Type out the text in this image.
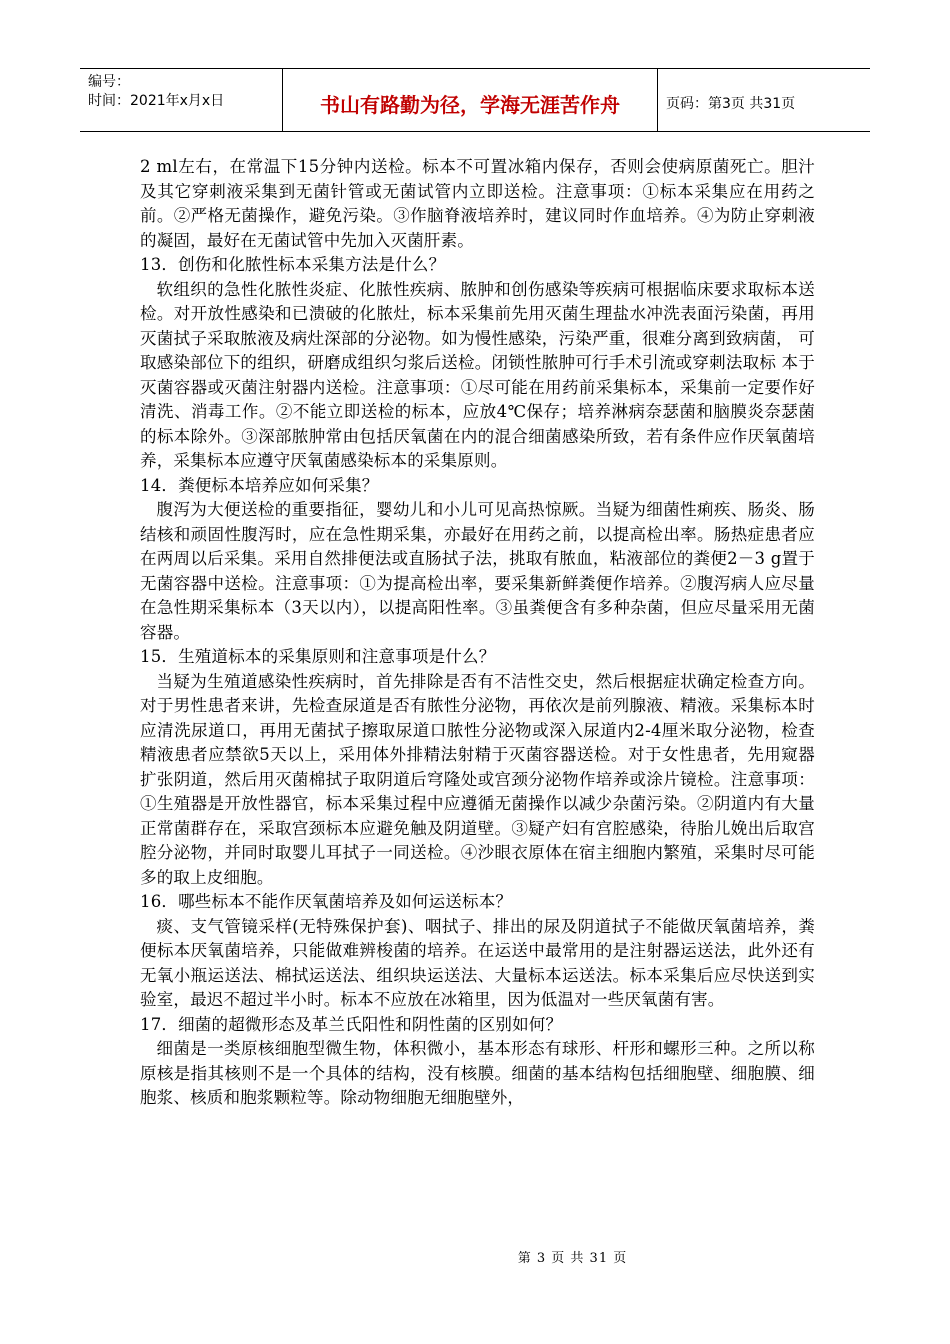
编号：
时间：2021年x月x日	书山有路勤为径，学海无涯苦作舟	页码：第3页 共31页

2 ml左右，在常温下15分钟内送检。标本不可置冰箱内保存，否则会使病原菌死亡。胆汁及其它穿刺液采集到无菌针管或无菌试管内立即送检。注意事项：①标本采集应在用药之前。②严格无菌操作，避免污染。③作脑脊液培养时，建议同时作血培养。④为防止穿刺液的凝固，最好在无菌试管中先加入灭菌肝素。

13．创伤和化脓性标本采集方法是什么？

软组织的急性化脓性炎症、化脓性疾病、脓肿和创伤感染等疾病可根据临床要求取标本送检。对开放性感染和已溃破的化脓灶，标本采集前先用灭菌生理盐水冲洗表面污染菌，再用灭菌拭子采取脓液及病灶深部的分泌物。如为慢性感染，污染严重，很难分离到致病菌， 可取感染部位下的组织，研磨成组织匀浆后送检。闭锁性脓肿可行手术引流或穿刺法取标 本于灭菌容器或灭菌注射器内送检。注意事项：①尽可能在用药前采集标本，采集前一定要作好清洗、消毒工作。②不能立即送检的标本，应放4℃保存；培养淋病奈瑟菌和脑膜炎奈瑟菌的标本除外。③深部脓肿常由包括厌氧菌在内的混合细菌感染所致，若有条件应作厌氧菌培养，采集标本应遵守厌氧菌感染标本的采集原则。

14．粪便标本培养应如何采集？

腹泻为大便送检的重要指征，婴幼儿和小儿可见高热惊厥。当疑为细菌性痢疾、肠炎、肠结核和顽固性腹泻时，应在急性期采集，亦最好在用药之前，以提高检出率。肠热症患者应在两周以后采集。采用自然排便法或直肠拭子法，挑取有脓血，粘液部位的粪便2－3 g置于无菌容器中送检。注意事项：①为提高检出率，要采集新鲜粪便作培养。②腹泻病人应尽量在急性期采集标本（3天以内），以提高阳性率。③虽粪便含有多种杂菌，但应尽量采用无菌容器。

15．生殖道标本的采集原则和注意事项是什么？

当疑为生殖道感染性疾病时，首先排除是否有不洁性交史，然后根据症状确定检查方向。对于男性患者来讲，先检查尿道是否有脓性分泌物，再依次是前列腺液、精液。采集标本时应清洗尿道口，再用无菌拭子擦取尿道口脓性分泌物或深入尿道内2-4厘米取分泌物，检查精液患者应禁欲5天以上，采用体外排精法射精于灭菌容器送检。对于女性患者，先用窥器扩张阴道，然后用灭菌棉拭子取阴道后穹隆处或宫颈分泌物作培养或涂片镜检。注意事项：①生殖器是开放性器官，标本采集过程中应遵循无菌操作以减少杂菌污染。②阴道内有大量正常菌群存在，采取宫颈标本应避免触及阴道壁。③疑产妇有宫腔感染，待胎儿娩出后取宫腔分泌物，并同时取婴儿耳拭子一同送检。④沙眼衣原体在宿主细胞内繁殖，采集时尽可能多的取上皮细胞。

16．哪些标本不能作厌氧菌培养及如何运送标本？

痰、支气管镜采样(无特殊保护套)、咽拭子、排出的尿及阴道拭子不能做厌氧菌培养，粪便标本厌氧菌培养，只能做难辨梭菌的培养。在运送中最常用的是注射器运送法，此外还有无氧小瓶运送法、棉拭运送法、组织块运送法、大量标本运送法。标本采集后应尽快送到实验室，最迟不超过半小时。标本不应放在冰箱里，因为低温对一些厌氧菌有害。

17．细菌的超微形态及革兰氏阳性和阴性菌的区别如何？

细菌是一类原核细胞型微生物，体积微小，基本形态有球形、杆形和螺形三种。之所以称原核是指其核则不是一个具体的结构，没有核膜。细菌的基本结构包括细胞壁、细胞膜、细胞浆、核质和胞浆颗粒等。除动物细胞无细胞壁外，

第 3 页 共 31 页
